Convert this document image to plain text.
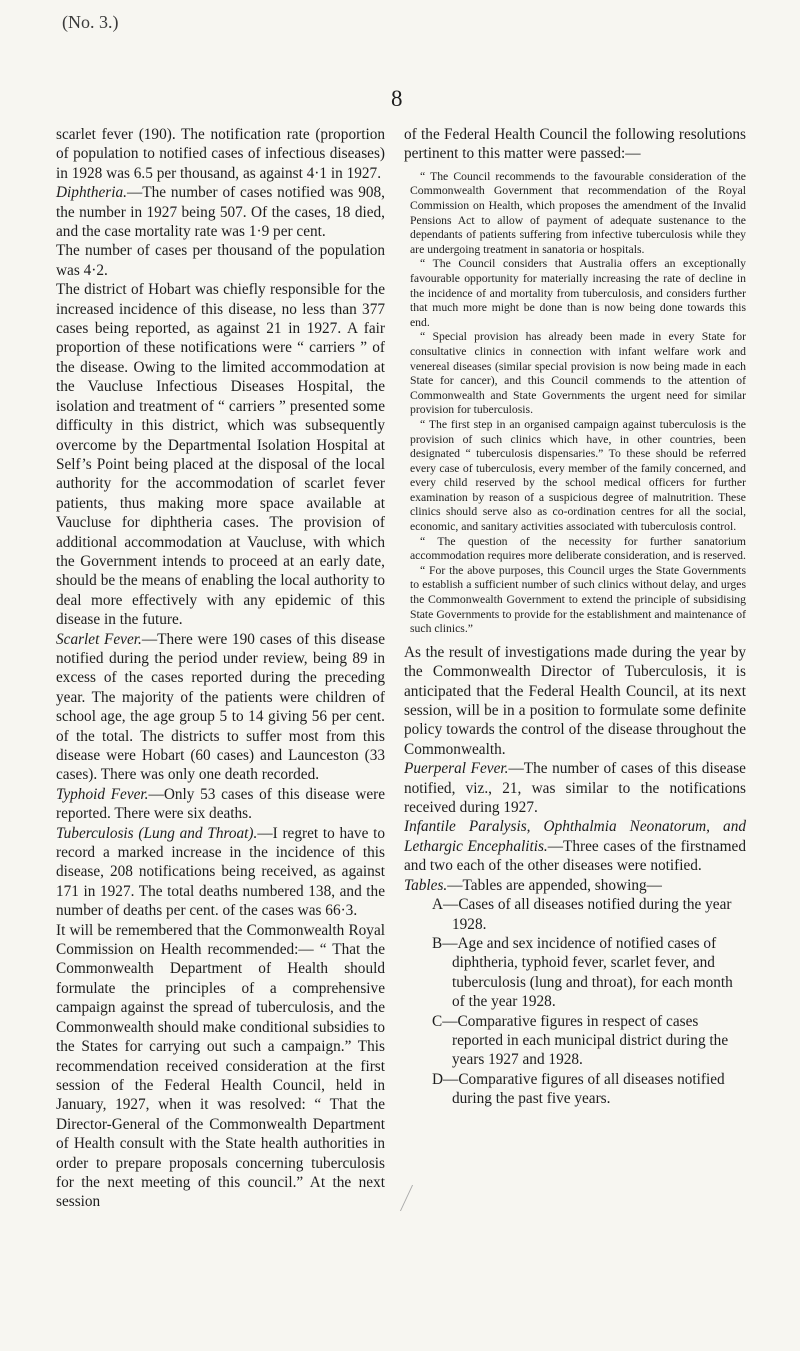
(No. 3.)
8

scarlet fever (190). The notification rate (proportion of population to notified cases of infectious diseases) in 1928 was 6.5 per thousand, as against 4·1 in 1927.

Diphtheria.—The number of cases notified was 908, the number in 1927 being 507. Of the cases, 18 died, and the case mortality rate was 1·9 per cent.

The number of cases per thousand of the population was 4·2.

The district of Hobart was chiefly responsible for the increased incidence of this disease, no less than 377 cases being reported, as against 21 in 1927. A fair proportion of these notifications were “ carriers ” of the disease. Owing to the limited accommodation at the Vaucluse Infectious Diseases Hospital, the isolation and treatment of “ carriers ” presented some difficulty in this district, which was subsequently overcome by the Departmental Isolation Hospital at Self’s Point being placed at the disposal of the local authority for the accommodation of scarlet fever patients, thus making more space available at Vaucluse for diphtheria cases. The provision of additional accommodation at Vaucluse, with which the Government intends to proceed at an early date, should be the means of enabling the local authority to deal more effectively with any epidemic of this disease in the future.

Scarlet Fever.—There were 190 cases of this disease notified during the period under review, being 89 in excess of the cases reported during the preceding year. The majority of the patients were children of school age, the age group 5 to 14 giving 56 per cent. of the total. The districts to suffer most from this disease were Hobart (60 cases) and Launceston (33 cases). There was only one death recorded.

Typhoid Fever.—Only 53 cases of this disease were reported. There were six deaths.

Tuberculosis (Lung and Throat).—I regret to have to record a marked increase in the incidence of this disease, 208 notifications being received, as against 171 in 1927. The total deaths numbered 138, and the number of deaths per cent. of the cases was 66·3.

It will be remembered that the Commonwealth Royal Commission on Health recommended:— “ That the Commonwealth Department of Health should formulate the principles of a comprehensive campaign against the spread of tuberculosis, and the Commonwealth should make conditional subsidies to the States for carrying out such a campaign.” This recommendation received consideration at the first session of the Federal Health Council, held in January, 1927, when it was resolved: “ That the Director-General of the Commonwealth Department of Health consult with the State health authorities in order to prepare proposals concerning tuberculosis for the next meeting of this council.” At the next session

of the Federal Health Council the following resolutions pertinent to this matter were passed:—

“ The Council recommends to the favourable consideration of the Commonwealth Government that recommendation of the Royal Commission on Health, which proposes the amendment of the Invalid Pensions Act to allow of payment of adequate sustenance to the dependants of patients suffering from infective tuberculosis while they are undergoing treatment in sanatoria or hospitals.

“ The Council considers that Australia offers an exceptionally favourable opportunity for materially increasing the rate of decline in the incidence of and mortality from tuberculosis, and considers further that much more might be done than is now being done towards this end.

“ Special provision has already been made in every State for consultative clinics in connection with infant welfare work and venereal diseases (similar special provision is now being made in each State for cancer), and this Council commends to the attention of Commonwealth and State Governments the urgent need for similar provision for tuberculosis.

“ The first step in an organised campaign against tuberculosis is the provision of such clinics which have, in other countries, been designated “ tuberculosis dispensaries.” To these should be referred every case of tuberculosis, every member of the family concerned, and every child reserved by the school medical officers for further examination by reason of a suspicious degree of malnutrition. These clinics should serve also as co-ordination centres for all the social, economic, and sanitary activities associated with tuberculosis control.

“ The question of the necessity for further sanatorium accommodation requires more deliberate consideration, and is reserved.

“ For the above purposes, this Council urges the State Governments to establish a sufficient number of such clinics without delay, and urges the Commonwealth Government to extend the principle of subsidising State Governments to provide for the establishment and maintenance of such clinics.”

As the result of investigations made during the year by the Commonwealth Director of Tuberculosis, it is anticipated that the Federal Health Council, at its next session, will be in a position to formulate some definite policy towards the control of the disease throughout the Commonwealth.

Puerperal Fever.—The number of cases of this disease notified, viz., 21, was similar to the notifications received during 1927.

Infantile Paralysis, Ophthalmia Neonatorum, and Lethargic Encephalitis.—Three cases of the firstnamed and two each of the other diseases were notified.

Tables.—Tables are appended, showing—

A—Cases of all diseases notified during the year 1928.
B—Age and sex incidence of notified cases of diphtheria, typhoid fever, scarlet fever, and tuberculosis (lung and throat), for each month of the year 1928.
C—Comparative figures in respect of cases reported in each municipal district during the years 1927 and 1928.
D—Comparative figures of all diseases notified during the past five years.
